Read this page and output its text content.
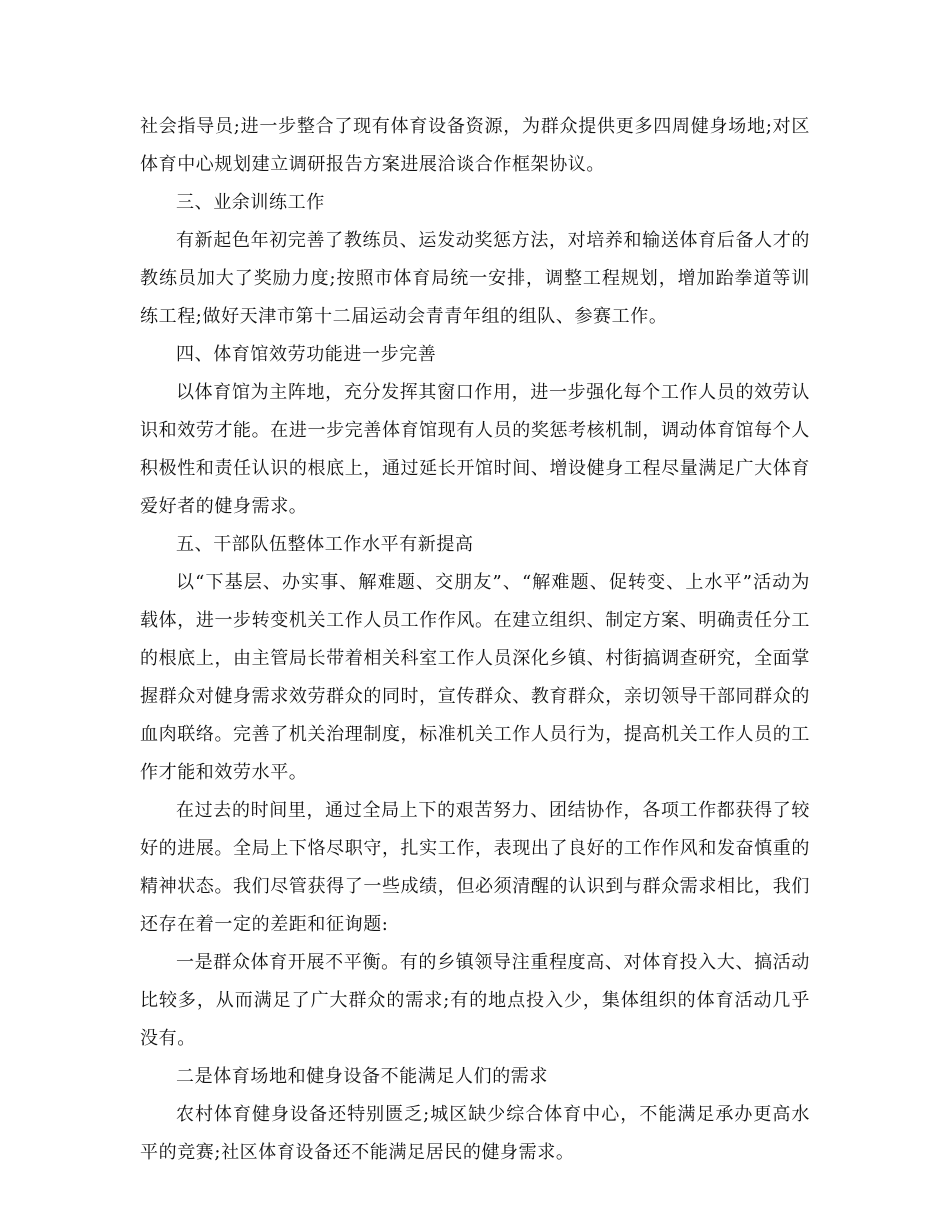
社会指导员;进一步整合了现有体育设备资源，为群众提供更多四周健身场地;对区体育中心规划建立调研报告方案进展洽谈合作框架协议。

三、业余训练工作

有新起色年初完善了教练员、运发动奖惩方法，对培养和输送体育后备人才的教练员加大了奖励力度;按照市体育局统一安排，调整工程规划，增加跆拳道等训练工程;做好天津市第十二届运动会青青年组的组队、参赛工作。

四、体育馆效劳功能进一步完善

以体育馆为主阵地，充分发挥其窗口作用，进一步强化每个工作人员的效劳认识和效劳才能。在进一步完善体育馆现有人员的奖惩考核机制，调动体育馆每个人积极性和责任认识的根底上，通过延长开馆时间、增设健身工程尽量满足广大体育爱好者的健身需求。

五、干部队伍整体工作水平有新提高

以“下基层、办实事、解难题、交朋友”、“解难题、促转变、上水平”活动为载体，进一步转变机关工作人员工作作风。在建立组织、制定方案、明确责任分工的根底上，由主管局长带着相关科室工作人员深化乡镇、村街搞调查研究，全面掌握群众对健身需求效劳群众的同时，宣传群众、教育群众，亲切领导干部同群众的血肉联络。完善了机关治理制度，标准机关工作人员行为，提高机关工作人员的工作才能和效劳水平。

在过去的时间里，通过全局上下的艰苦努力、团结协作，各项工作都获得了较好的进展。全局上下恪尽职守，扎实工作，表现出了良好的工作作风和发奋慎重的精神状态。我们尽管获得了一些成绩，但必须清醒的认识到与群众需求相比，我们还存在着一定的差距和征询题:

一是群众体育开展不平衡。有的乡镇领导注重程度高、对体育投入大、搞活动比较多，从而满足了广大群众的需求;有的地点投入少，集体组织的体育活动几乎没有。

二是体育场地和健身设备不能满足人们的需求

农村体育健身设备还特别匮乏;城区缺少综合体育中心，不能满足承办更高水平的竞赛;社区体育设备还不能满足居民的健身需求。
